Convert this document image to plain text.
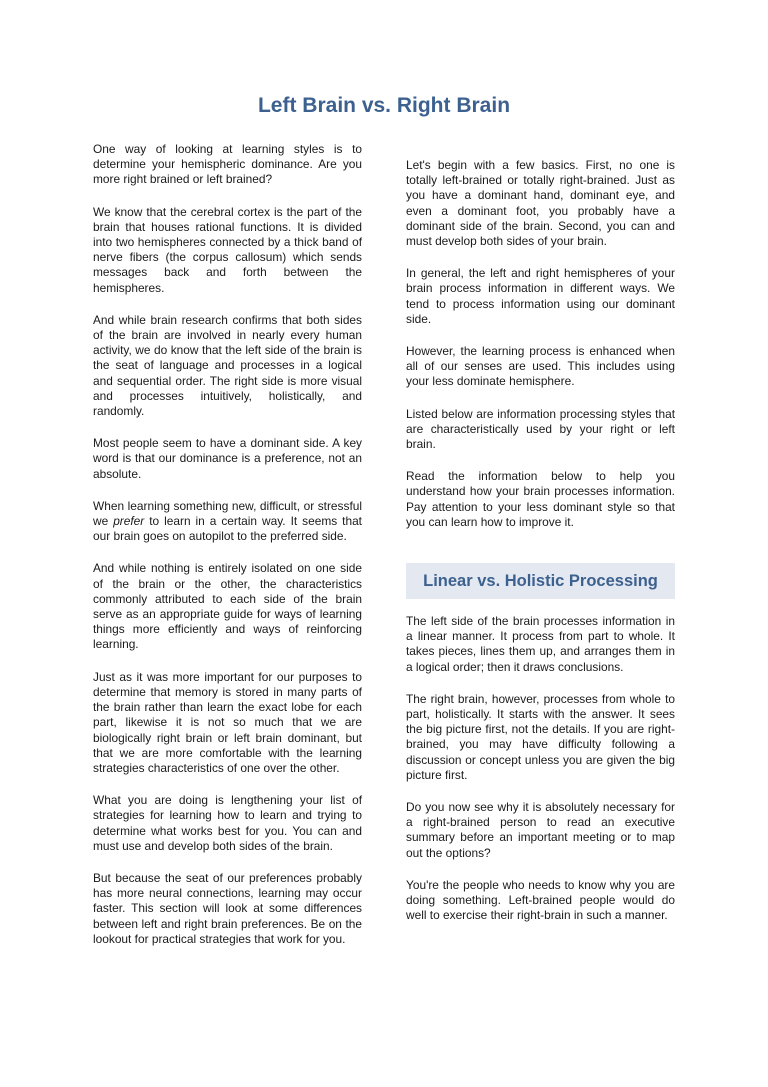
Left Brain vs. Right Brain

One way of looking at learning styles is to determine your hemispheric dominance. Are you more right brained or left brained?

We know that the cerebral cortex is the part of the brain that houses rational functions. It is divided into two hemispheres connected by a thick band of nerve fibers (the corpus callosum) which sends messages back and forth between the hemispheres.

And while brain research confirms that both sides of the brain are involved in nearly every human activity, we do know that the left side of the brain is the seat of language and processes in a logical and sequential order. The right side is more visual and processes intuitively, holistically, and randomly.

Most people seem to have a dominant side. A key word is that our dominance is a preference, not an absolute.

When learning something new, difficult, or stressful we prefer to learn in a certain way. It seems that our brain goes on autopilot to the preferred side.

And while nothing is entirely isolated on one side of the brain or the other, the characteristics commonly attributed to each side of the brain serve as an appropriate guide for ways of learning things more efficiently and ways of reinforcing learning.

Just as it was more important for our purposes to determine that memory is stored in many parts of the brain rather than learn the exact lobe for each part, likewise it is not so much that we are biologically right brain or left brain dominant, but that we are more comfortable with the learning strategies characteristics of one over the other.

What you are doing is lengthening your list of strategies for learning how to learn and trying to determine what works best for you. You can and must use and develop both sides of the brain.

But because the seat of our preferences probably has more neural connections, learning may occur faster. This section will look at some differences between left and right brain preferences. Be on the lookout for practical strategies that work for you.

Let's begin with a few basics. First, no one is totally left-brained or totally right-brained. Just as you have a dominant hand, dominant eye, and even a dominant foot, you probably have a dominant side of the brain. Second, you can and must develop both sides of your brain.

In general, the left and right hemispheres of your brain process information in different ways. We tend to process information using our dominant side.

However, the learning process is enhanced when all of our senses are used. This includes using your less dominate hemisphere.

Listed below are information processing styles that are characteristically used by your right or left brain.

Read the information below to help you understand how your brain processes information. Pay attention to your less dominant style so that you can learn how to improve it.

Linear vs. Holistic Processing

The left side of the brain processes information in a linear manner. It process from part to whole. It takes pieces, lines them up, and arranges them in a logical order; then it draws conclusions.

The right brain, however, processes from whole to part, holistically. It starts with the answer. It sees the big picture first, not the details. If you are right-brained, you may have difficulty following a discussion or concept unless you are given the big picture first.

Do you now see why it is absolutely necessary for a right-brained person to read an executive summary before an important meeting or to map out the options?

You're the people who needs to know why you are doing something. Left-brained people would do well to exercise their right-brain in such a manner.
